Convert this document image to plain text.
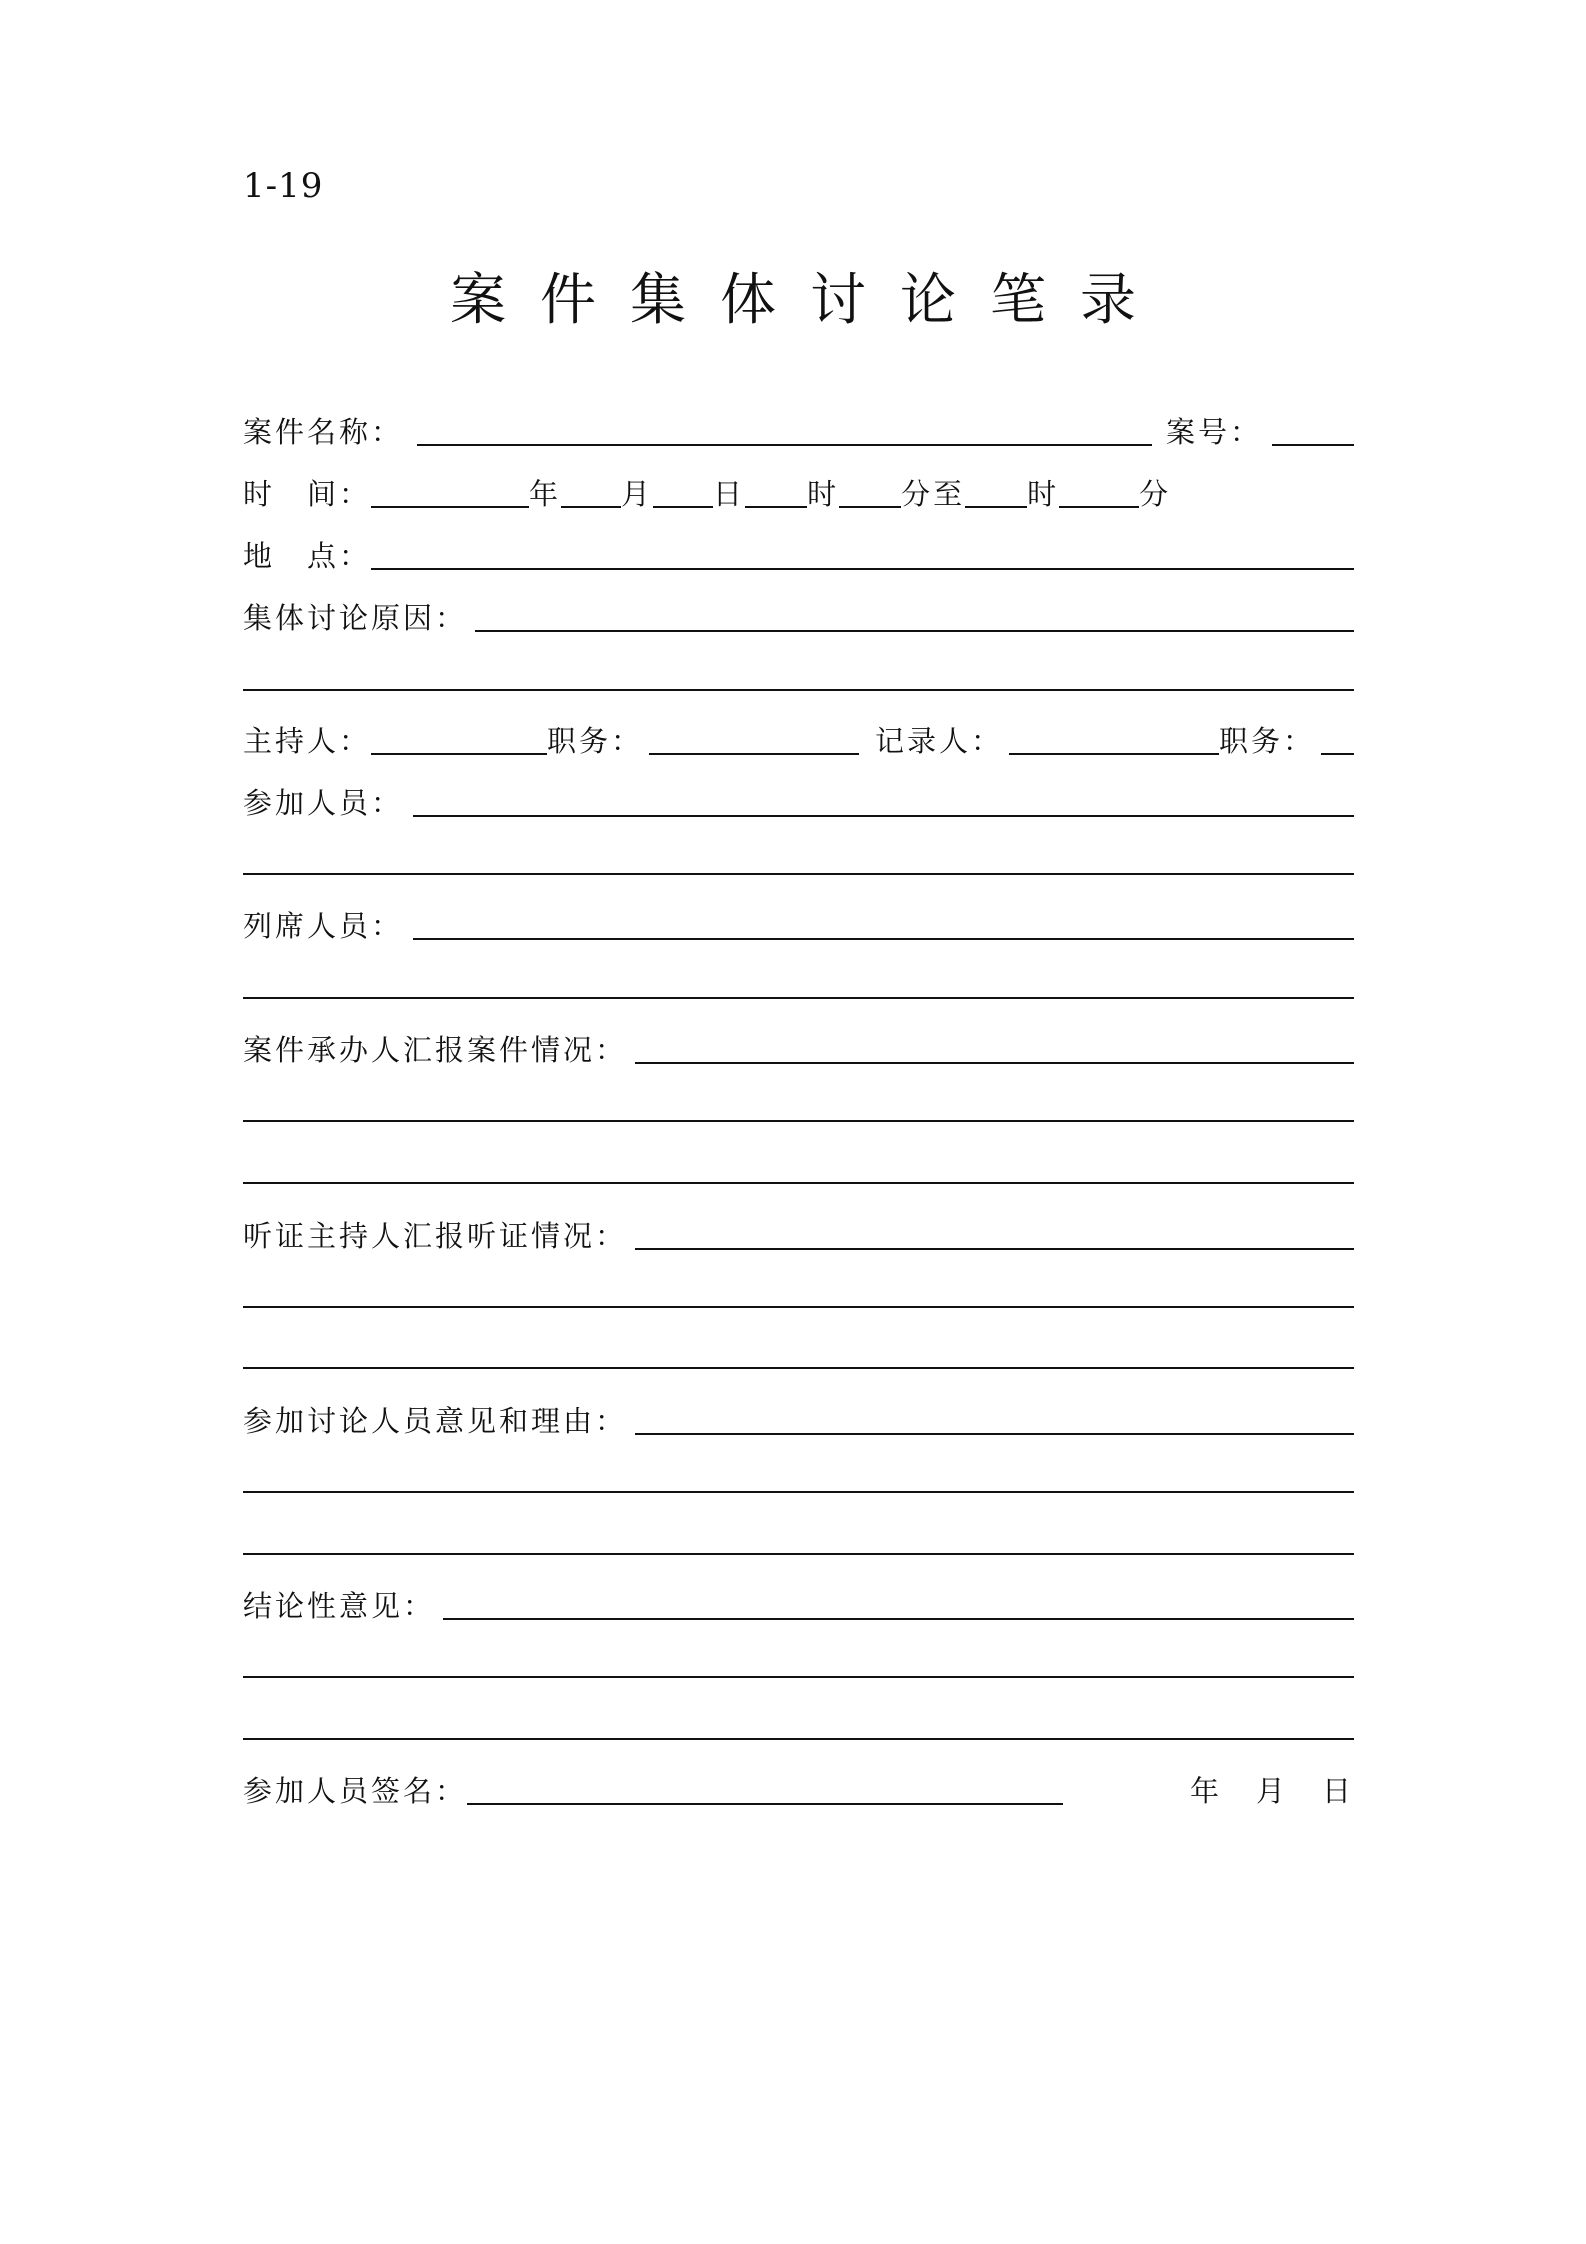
1-19
案件集体讨论笔录
案件名称：	案号：
时　间：	年 月 日 时 分至 时	分
地　点：
集体讨论原因：
主持人：	职务：	记录人：	职务：
参加人员：
列席人员：
案件承办人汇报案件情况：
听证主持人汇报听证情况：
参加讨论人员意见和理由：
结论性意见：
参加人员签名：	年 月 日
